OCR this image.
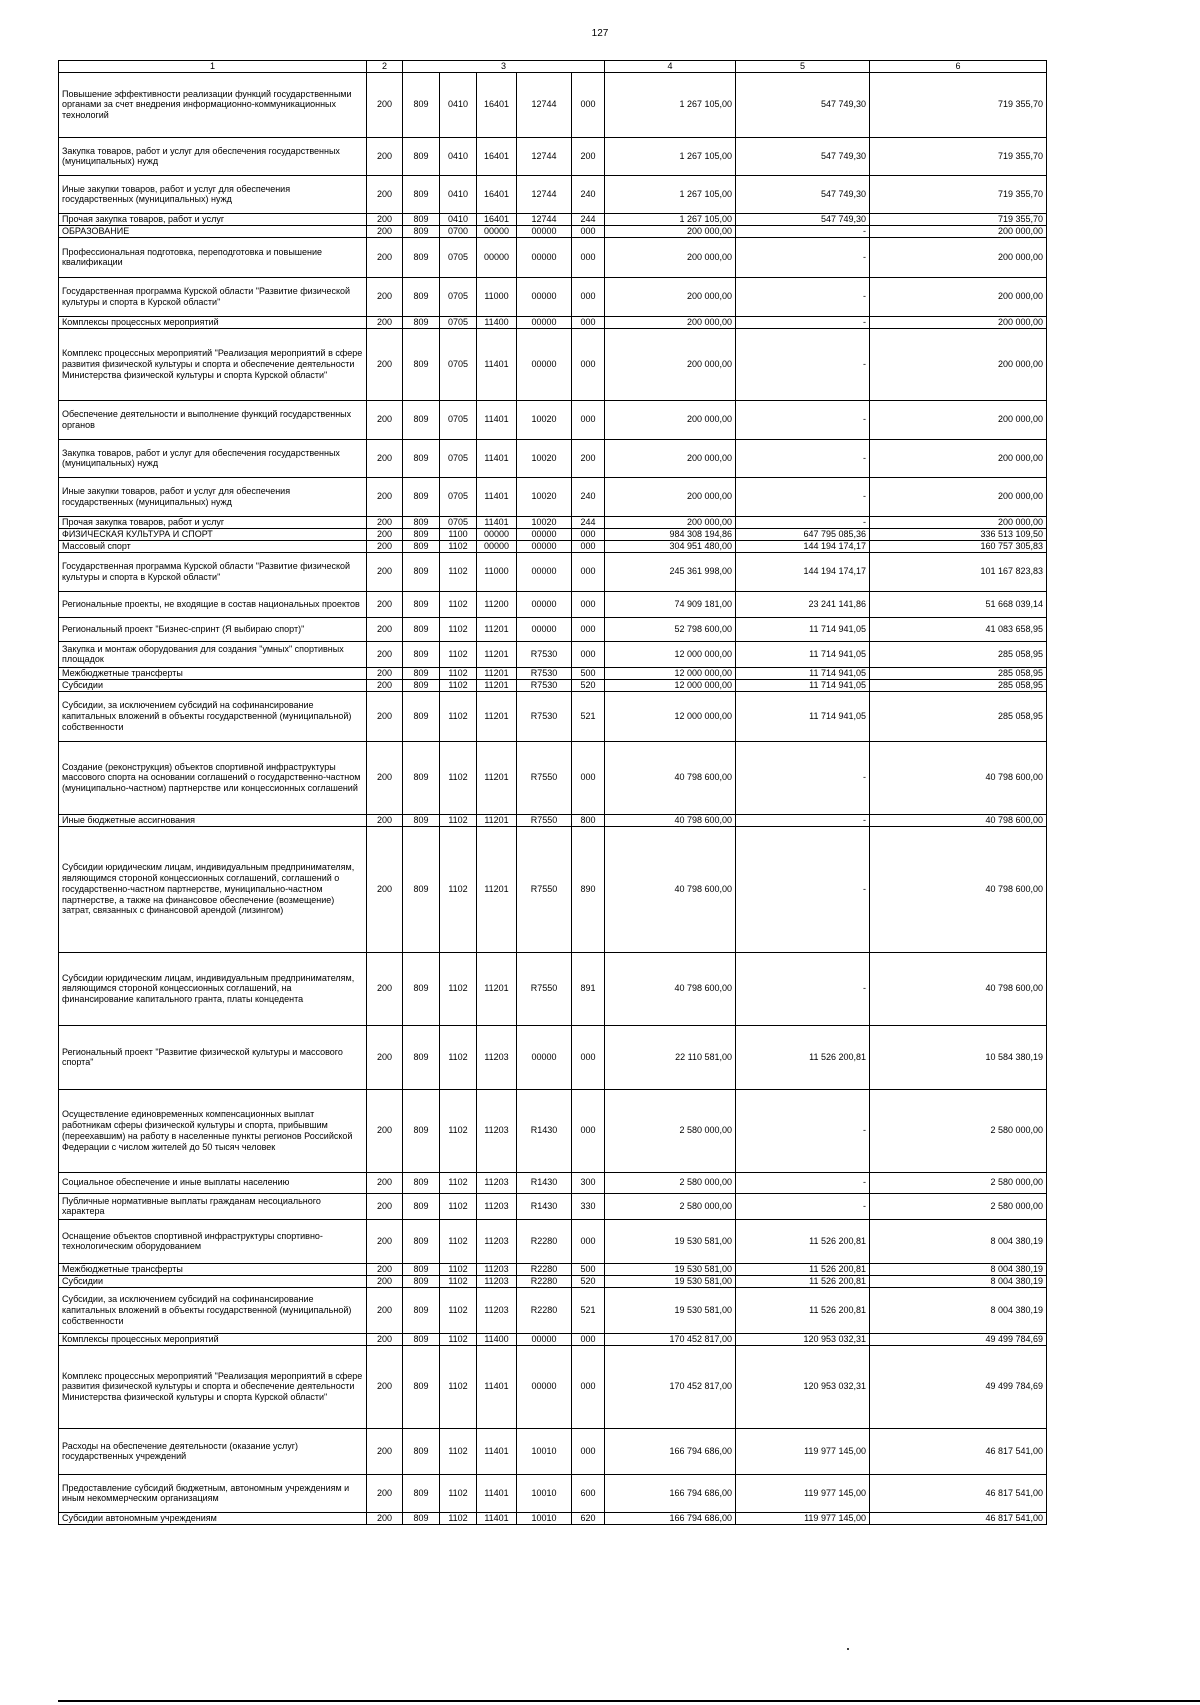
127
1	2	3					4	5	6
Повышение эффективности реализации функций государственными органами за счет внедрения информационно-коммуникационных технологий	200	809	0410	16401	12744	000	1 267 105,00	547 749,30	719 355,70
Закупка товаров, работ и услуг для обеспечения государственных (муниципальных) нужд	200	809	0410	16401	12744	200	1 267 105,00	547 749,30	719 355,70
Иные закупки товаров, работ и услуг для обеспечения государственных (муниципальных) нужд	200	809	0410	16401	12744	240	1 267 105,00	547 749,30	719 355,70
Прочая закупка товаров, работ и услуг	200	809	0410	16401	12744	244	1 267 105,00	547 749,30	719 355,70
ОБРАЗОВАНИЕ	200	809	0700	00000	00000	000	200 000,00	-	200 000,00
Профессиональная подготовка, переподготовка и повышение квалификации	200	809	0705	00000	00000	000	200 000,00	-	200 000,00
Государственная программа Курской области "Развитие физической культуры и спорта в Курской области"	200	809	0705	11000	00000	000	200 000,00	-	200 000,00
Комплексы процессных мероприятий	200	809	0705	11400	00000	000	200 000,00	-	200 000,00
Комплекс процессных мероприятий "Реализация мероприятий в сфере развития физической культуры и спорта и обеспечение деятельности Министерства физической культуры и спорта Курской области"	200	809	0705	11401	00000	000	200 000,00	-	200 000,00
Обеспечение деятельности и выполнение функций государственных органов	200	809	0705	11401	10020	000	200 000,00	-	200 000,00
Закупка товаров, работ и услуг для обеспечения государственных (муниципальных) нужд	200	809	0705	11401	10020	200	200 000,00	-	200 000,00
Иные закупки товаров, работ и услуг для обеспечения государственных (муниципальных) нужд	200	809	0705	11401	10020	240	200 000,00	-	200 000,00
Прочая закупка товаров, работ и услуг	200	809	0705	11401	10020	244	200 000,00	-	200 000,00
ФИЗИЧЕСКАЯ КУЛЬТУРА И СПОРТ	200	809	1100	00000	00000	000	984 308 194,86	647 795 085,36	336 513 109,50
Массовый спорт	200	809	1102	00000	00000	000	304 951 480,00	144 194 174,17	160 757 305,83
Государственная программа Курской области "Развитие физической культуры и спорта в Курской области"	200	809	1102	11000	00000	000	245 361 998,00	144 194 174,17	101 167 823,83
Региональные проекты, не входящие в состав национальных проектов	200	809	1102	11200	00000	000	74 909 181,00	23 241 141,86	51 668 039,14
Региональный проект "Бизнес-спринт (Я выбираю спорт)"	200	809	1102	11201	00000	000	52 798 600,00	11 714 941,05	41 083 658,95
Закупка и монтаж оборудования для создания "умных" спортивных площадок	200	809	1102	11201	R7530	000	12 000 000,00	11 714 941,05	285 058,95
Межбюджетные трансферты	200	809	1102	11201	R7530	500	12 000 000,00	11 714 941,05	285 058,95
Субсидии	200	809	1102	11201	R7530	520	12 000 000,00	11 714 941,05	285 058,95
Субсидии, за исключением субсидий на софинансирование капитальных вложений в объекты государственной (муниципальной) собственности	200	809	1102	11201	R7530	521	12 000 000,00	11 714 941,05	285 058,95
Создание (реконструкция) объектов спортивной инфраструктуры массового спорта на основании соглашений о государственно-частном (муниципально-частном) партнерстве или концессионных соглашений	200	809	1102	11201	R7550	000	40 798 600,00	-	40 798 600,00
Иные бюджетные ассигнования	200	809	1102	11201	R7550	800	40 798 600,00	-	40 798 600,00
Субсидии юридическим лицам, индивидуальным предпринимателям, являющимся стороной концессионных соглашений, соглашений о государственно-частном партнерстве, муниципально-частном партнерстве, а также на финансовое обеспечение (возмещение) затрат, связанных с финансовой арендой (лизингом)	200	809	1102	11201	R7550	890	40 798 600,00	-	40 798 600,00
Субсидии юридическим лицам, индивидуальным предпринимателям, являющимся стороной концессионных соглашений, на финансирование капитального гранта, платы концедента	200	809	1102	11201	R7550	891	40 798 600,00	-	40 798 600,00
Региональный проект "Развитие физической культуры и массового спорта"	200	809	1102	11203	00000	000	22 110 581,00	11 526 200,81	10 584 380,19
Осуществление единовременных компенсационных выплат работникам сферы физической культуры и спорта, прибывшим (переехавшим) на работу в населенные пункты регионов Российской Федерации с числом жителей до 50 тысяч человек	200	809	1102	11203	R1430	000	2 580 000,00	-	2 580 000,00
Социальное обеспечение и иные выплаты населению	200	809	1102	11203	R1430	300	2 580 000,00	-	2 580 000,00
Публичные нормативные выплаты гражданам несоциального характера	200	809	1102	11203	R1430	330	2 580 000,00	-	2 580 000,00
Оснащение объектов спортивной инфраструктуры спортивно-технологическим оборудованием	200	809	1102	11203	R2280	000	19 530 581,00	11 526 200,81	8 004 380,19
Межбюджетные трансферты	200	809	1102	11203	R2280	500	19 530 581,00	11 526 200,81	8 004 380,19
Субсидии	200	809	1102	11203	R2280	520	19 530 581,00	11 526 200,81	8 004 380,19
Субсидии, за исключением субсидий на софинансирование капитальных вложений в объекты государственной (муниципальной) собственности	200	809	1102	11203	R2280	521	19 530 581,00	11 526 200,81	8 004 380,19
Комплексы процессных мероприятий	200	809	1102	11400	00000	000	170 452 817,00	120 953 032,31	49 499 784,69
Комплекс процессных мероприятий "Реализация мероприятий в сфере развития физической культуры и спорта и обеспечение деятельности Министерства физической культуры и спорта Курской области"	200	809	1102	11401	00000	000	170 452 817,00	120 953 032,31	49 499 784,69
Расходы на обеспечение деятельности (оказание услуг) государственных учреждений	200	809	1102	11401	10010	000	166 794 686,00	119 977 145,00	46 817 541,00
Предоставление субсидий бюджетным, автономным учреждениям и иным некоммерческим организациям	200	809	1102	11401	10010	600	166 794 686,00	119 977 145,00	46 817 541,00
Субсидии автономным учреждениям	200	809	1102	11401	10010	620	166 794 686,00	119 977 145,00	46 817 541,00
